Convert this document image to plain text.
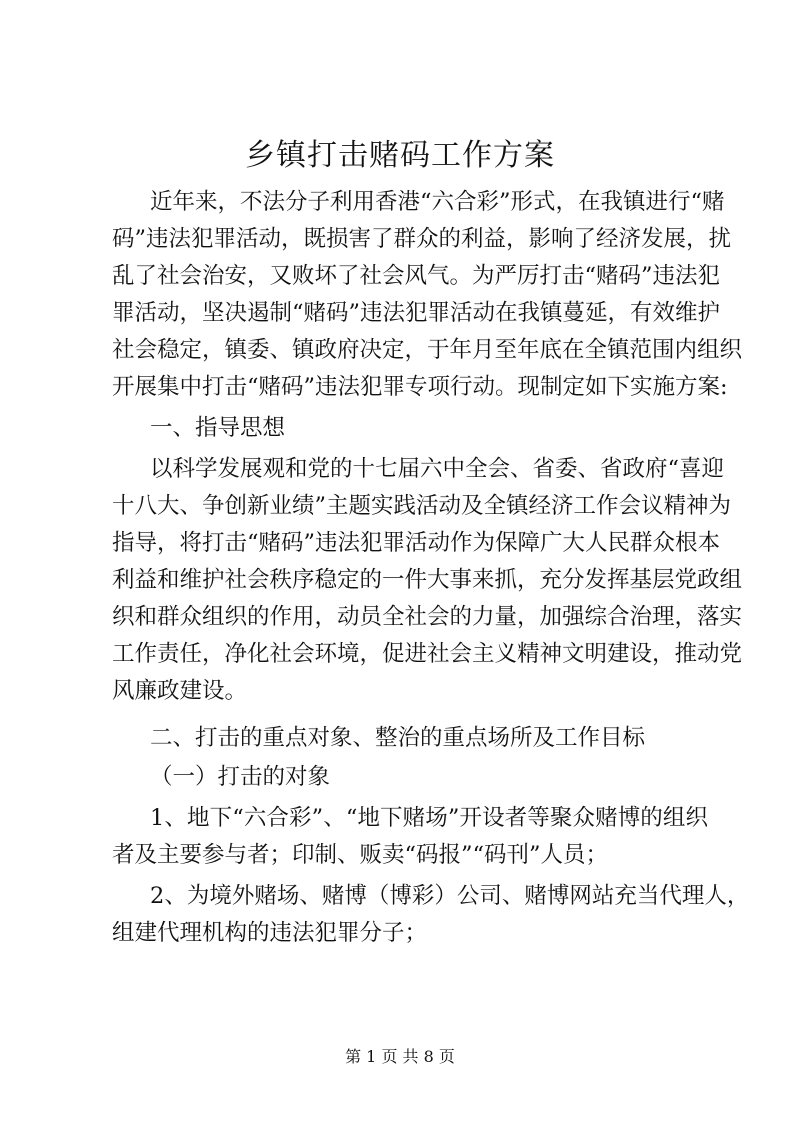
乡镇打击赌码工作方案
近年来，不法分子利用香港“六合彩”形式，在我镇进行“赌
码”违法犯罪活动，既损害了群众的利益，影响了经济发展，扰
乱了社会治安，又败坏了社会风气。为严厉打击“赌码”违法犯
罪活动，坚决遏制“赌码”违法犯罪活动在我镇蔓延，有效维护
社会稳定，镇委、镇政府决定，于年月至年底在全镇范围内组织
开展集中打击“赌码”违法犯罪专项行动。现制定如下实施方案:
一、指导思想
以科学发展观和党的十七届六中全会、省委、省政府“喜迎
十八大、争创新业绩”主题实践活动及全镇经济工作会议精神为
指导，将打击“赌码”违法犯罪活动作为保障广大人民群众根本
利益和维护社会秩序稳定的一件大事来抓，充分发挥基层党政组
织和群众组织的作用，动员全社会的力量，加强综合治理，落实
工作责任，净化社会环境，促进社会主义精神文明建设，推动党
风廉政建设。
二、打击的重点对象、整治的重点场所及工作目标
（一）打击的对象
1、地下“六合彩”、“地下赌场”开设者等聚众赌博的组织
者及主要参与者；印制、贩卖“码报”“码刊”人员；
2、为境外赌场、赌博（博彩）公司、赌博网站充当代理人，
组建代理机构的违法犯罪分子；
第 1 页 共 8 页
